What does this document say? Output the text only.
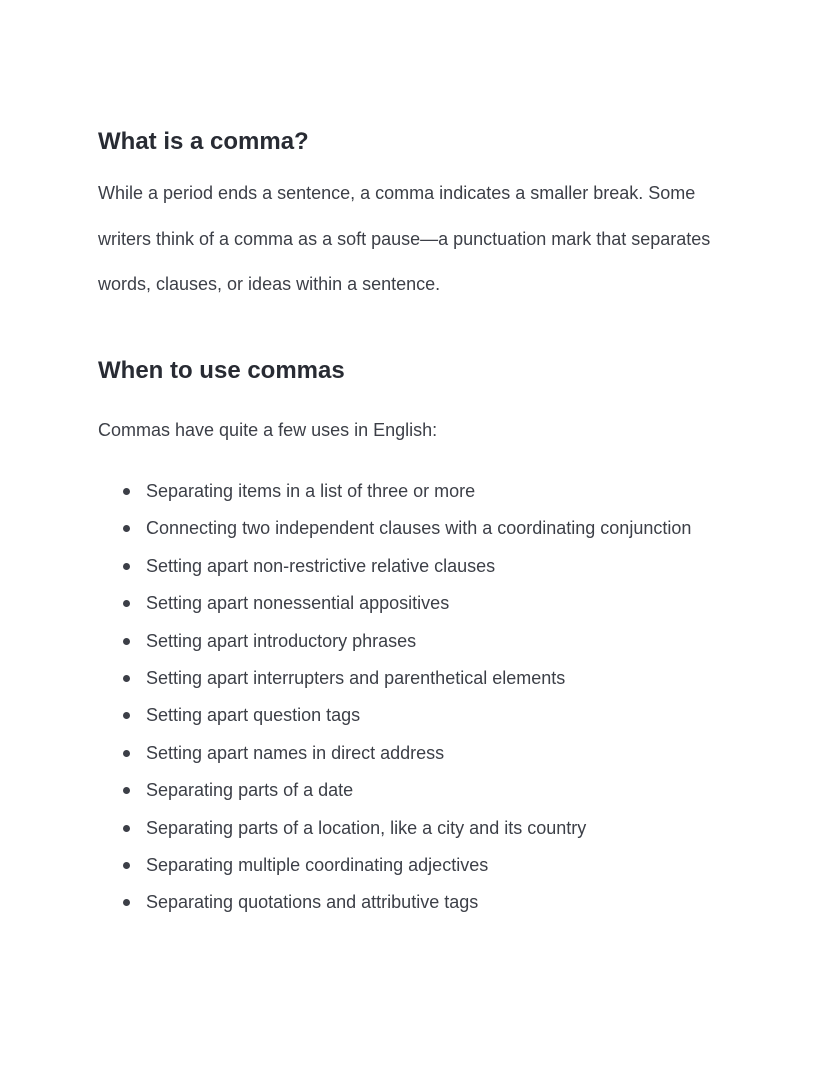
What is a comma?

While a period ends a sentence, a comma indicates a smaller break. Some writers think of a comma as a soft pause—a punctuation mark that separates words, clauses, or ideas within a sentence.

When to use commas

Commas have quite a few uses in English:

Separating items in a list of three or more
Connecting two independent clauses with a coordinating conjunction
Setting apart non-restrictive relative clauses
Setting apart nonessential appositives
Setting apart introductory phrases
Setting apart interrupters and parenthetical elements
Setting apart question tags
Setting apart names in direct address
Separating parts of a date
Separating parts of a location, like a city and its country
Separating multiple coordinating adjectives
Separating quotations and attributive tags
